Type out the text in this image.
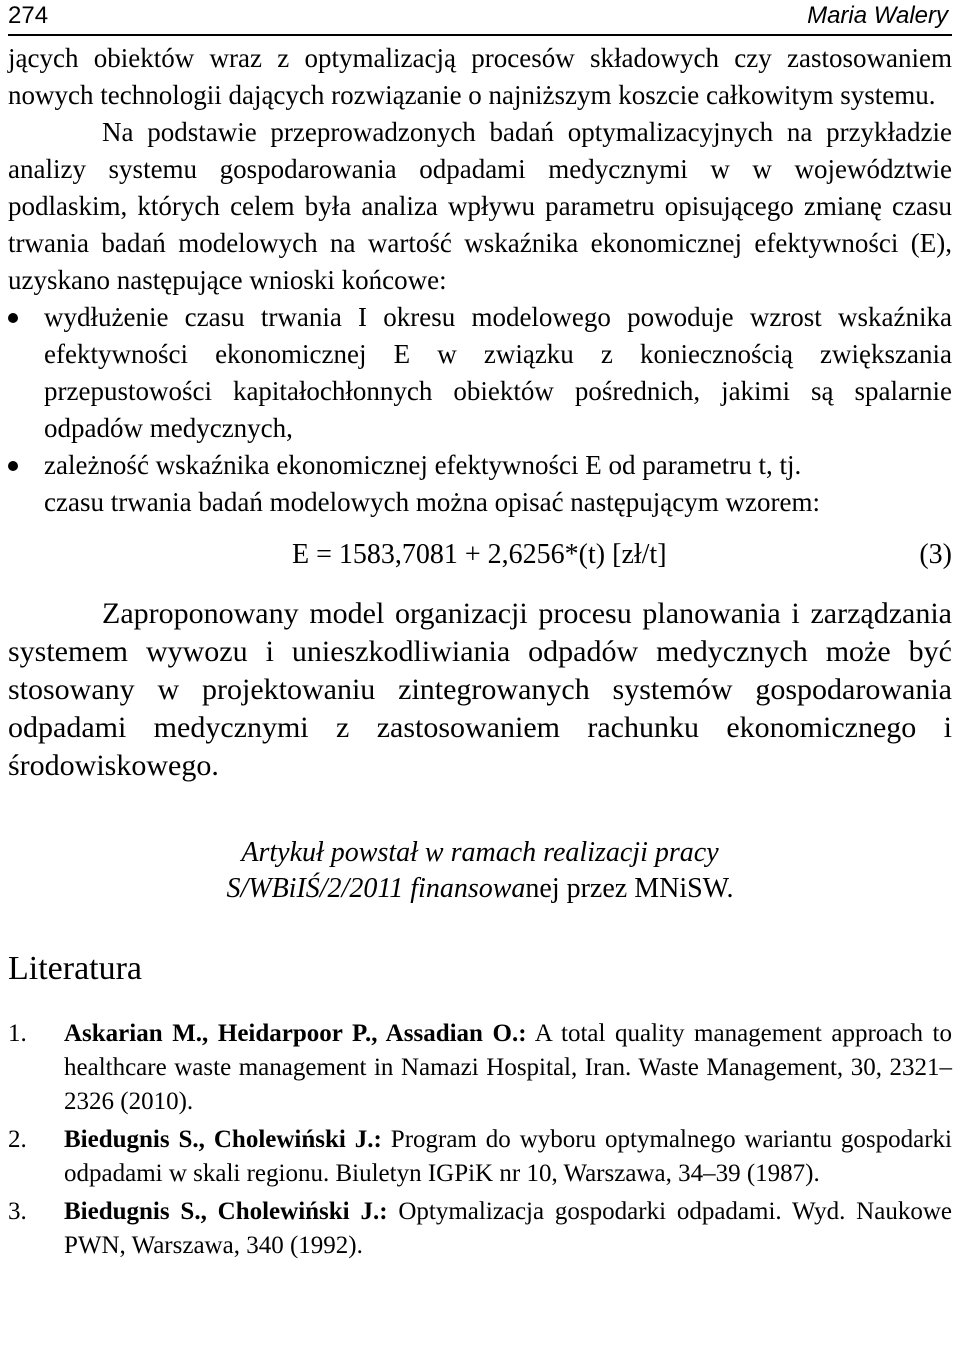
274	Maria Walery

jących obiektów wraz z optymalizacją procesów składowych czy zastosowaniem nowych technologii dających rozwiązanie o najniższym koszcie całkowitym systemu.

Na podstawie przeprowadzonych badań optymalizacyjnych na przykładzie analizy systemu gospodarowania odpadami medycznymi w w województwie podlaskim, których celem była analiza wpływu parametru opisującego zmianę czasu trwania badań modelowych na wartość wskaźnika ekonomicznej efektywności (E), uzyskano następujące wnioski końcowe:

wydłużenie czasu trwania I okresu modelowego powoduje wzrost wskaźnika efektywności ekonomicznej E w związku z koniecznością zwiększania przepustowości kapitałochłonnych obiektów pośrednich, jakimi są spalarnie odpadów medycznych,
zależność wskaźnika ekonomicznej efektywności E od parametru t, tj.

czasu trwania badań modelowych można opisać następującym wzorem:

E = 1583,7081 + 2,6256*(t) [zł/t]	(3)

Zaproponowany model organizacji procesu planowania i zarządzania systemem wywozu i unieszkodliwiania odpadów medycznych może być stosowany w projektowaniu zintegrowanych systemów gospodarowania odpadami medycznymi z zastosowaniem rachunku ekonomicznego i środowiskowego.

Artykuł powstał w ramach realizacji pracy
S/WBiIŚ/2/2011 finansowanej przez MNiSW.
Literatura
1. Askarian M., Heidarpoor P., Assadian O.: A total quality management approach to healthcare waste management in Namazi Hospital, Iran. Waste Management, 30, 2321–2326 (2010).
2. Biedugnis S., Cholewiński J.: Program do wyboru optymalnego wariantu gospodarki odpadami w skali regionu. Biuletyn IGPiK nr 10, Warszawa, 34–39 (1987).
3. Biedugnis S., Cholewiński J.: Optymalizacja gospodarki odpadami. Wyd. Naukowe PWN, Warszawa, 340 (1992).
